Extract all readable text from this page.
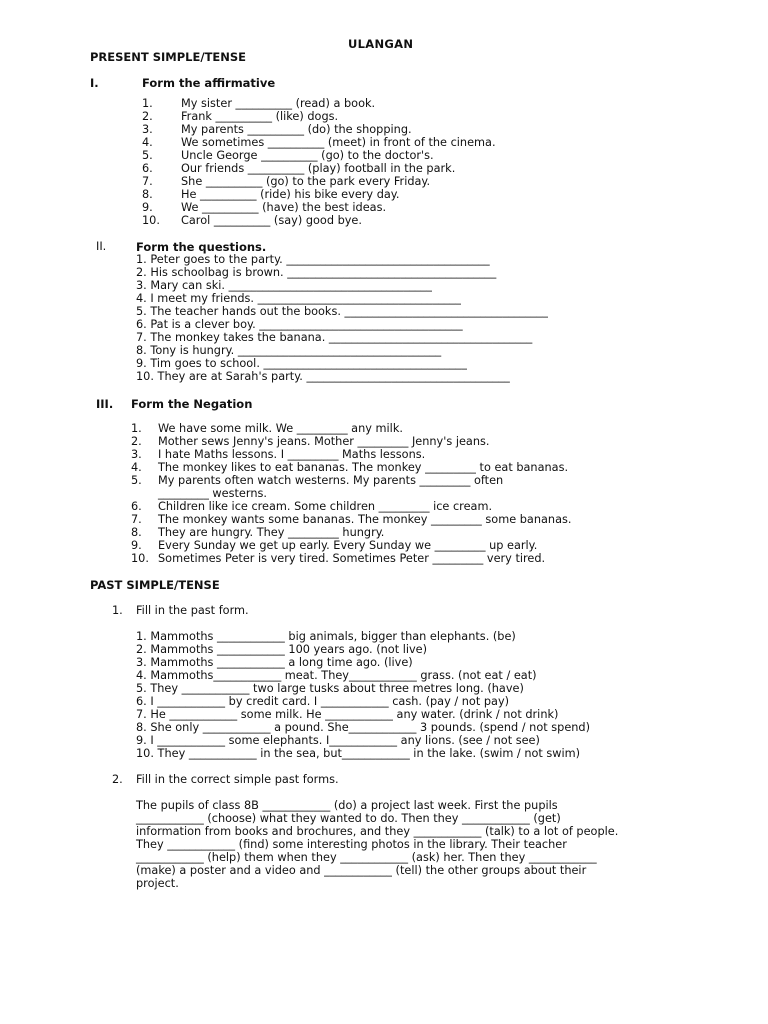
ULANGAN
PRESENT SIMPLE/TENSE
I.	Form the affirmative
1. My sister __________ (read) a book.
2. Frank __________ (like) dogs.
3. My parents __________ (do) the shopping.
4. We sometimes __________ (meet) in front of the cinema.
5. Uncle George __________ (go) to the doctor's.
6. Our friends __________ (play) football in the park.
7. She __________ (go) to the park every Friday.
8. He __________ (ride) his bike every day.
9. We __________ (have) the best ideas.
10. Carol __________ (say) good bye.
II.	Form the questions.
1. Peter goes to the party. ____________________________________
2. His schoolbag is brown. _____________________________________
3. Mary can ski. ____________________________________
4. I meet my friends. ____________________________________
5. The teacher hands out the books. ____________________________________
6. Pat is a clever boy. ____________________________________
7. The monkey takes the banana. ____________________________________
8. Tony is hungry. ____________________________________
9. Tim goes to school. ____________________________________
10. They are at Sarah's party. ____________________________________
III. Form the Negation
1. We have some milk. We _________ any milk.
2. Mother sews Jenny's jeans. Mother _________ Jenny's jeans.
3. I hate Maths lessons. I _________ Maths lessons.
4. The monkey likes to eat bananas. The monkey _________ to eat bananas.
5. My parents often watch westerns. My parents _________ often
_________ westerns.
6. Children like ice cream. Some children _________ ice cream.
7. The monkey wants some bananas. The monkey _________ some bananas.
8. They are hungry. They _________ hungry.
9. Every Sunday we get up early. Every Sunday we _________ up early.
10. Sometimes Peter is very tired. Sometimes Peter _________ very tired.
PAST SIMPLE/TENSE
1. Fill in the past form.
1. Mammoths ____________ big animals, bigger than elephants. (be)
2. Mammoths ____________ 100 years ago. (not live)
3. Mammoths ____________ a long time ago. (live)
4. Mammoths____________ meat. They____________ grass. (not eat / eat)
5. They ____________ two large tusks about three metres long. (have)
6. I ____________ by credit card. I ____________ cash. (pay / not pay)
7. He ____________ some milk. He ____________ any water. (drink / not drink)
8. She only ____________ a pound. She____________ 3 pounds. (spend / not spend)
9. I ____________ some elephants. I____________ any lions. (see / not see)
10. They ____________ in the sea, but____________ in the lake. (swim / not swim)
2. Fill in the correct simple past forms.
The pupils of class 8B ____________ (do) a project last week. First the pupils
____________ (choose) what they wanted to do. Then they ____________ (get)
information from books and brochures, and they ____________ (talk) to a lot of people.
They ____________ (find) some interesting photos in the library. Their teacher
____________ (help) them when they ____________ (ask) her. Then they ____________
(make) a poster and a video and ____________ (tell) the other groups about their
project.
